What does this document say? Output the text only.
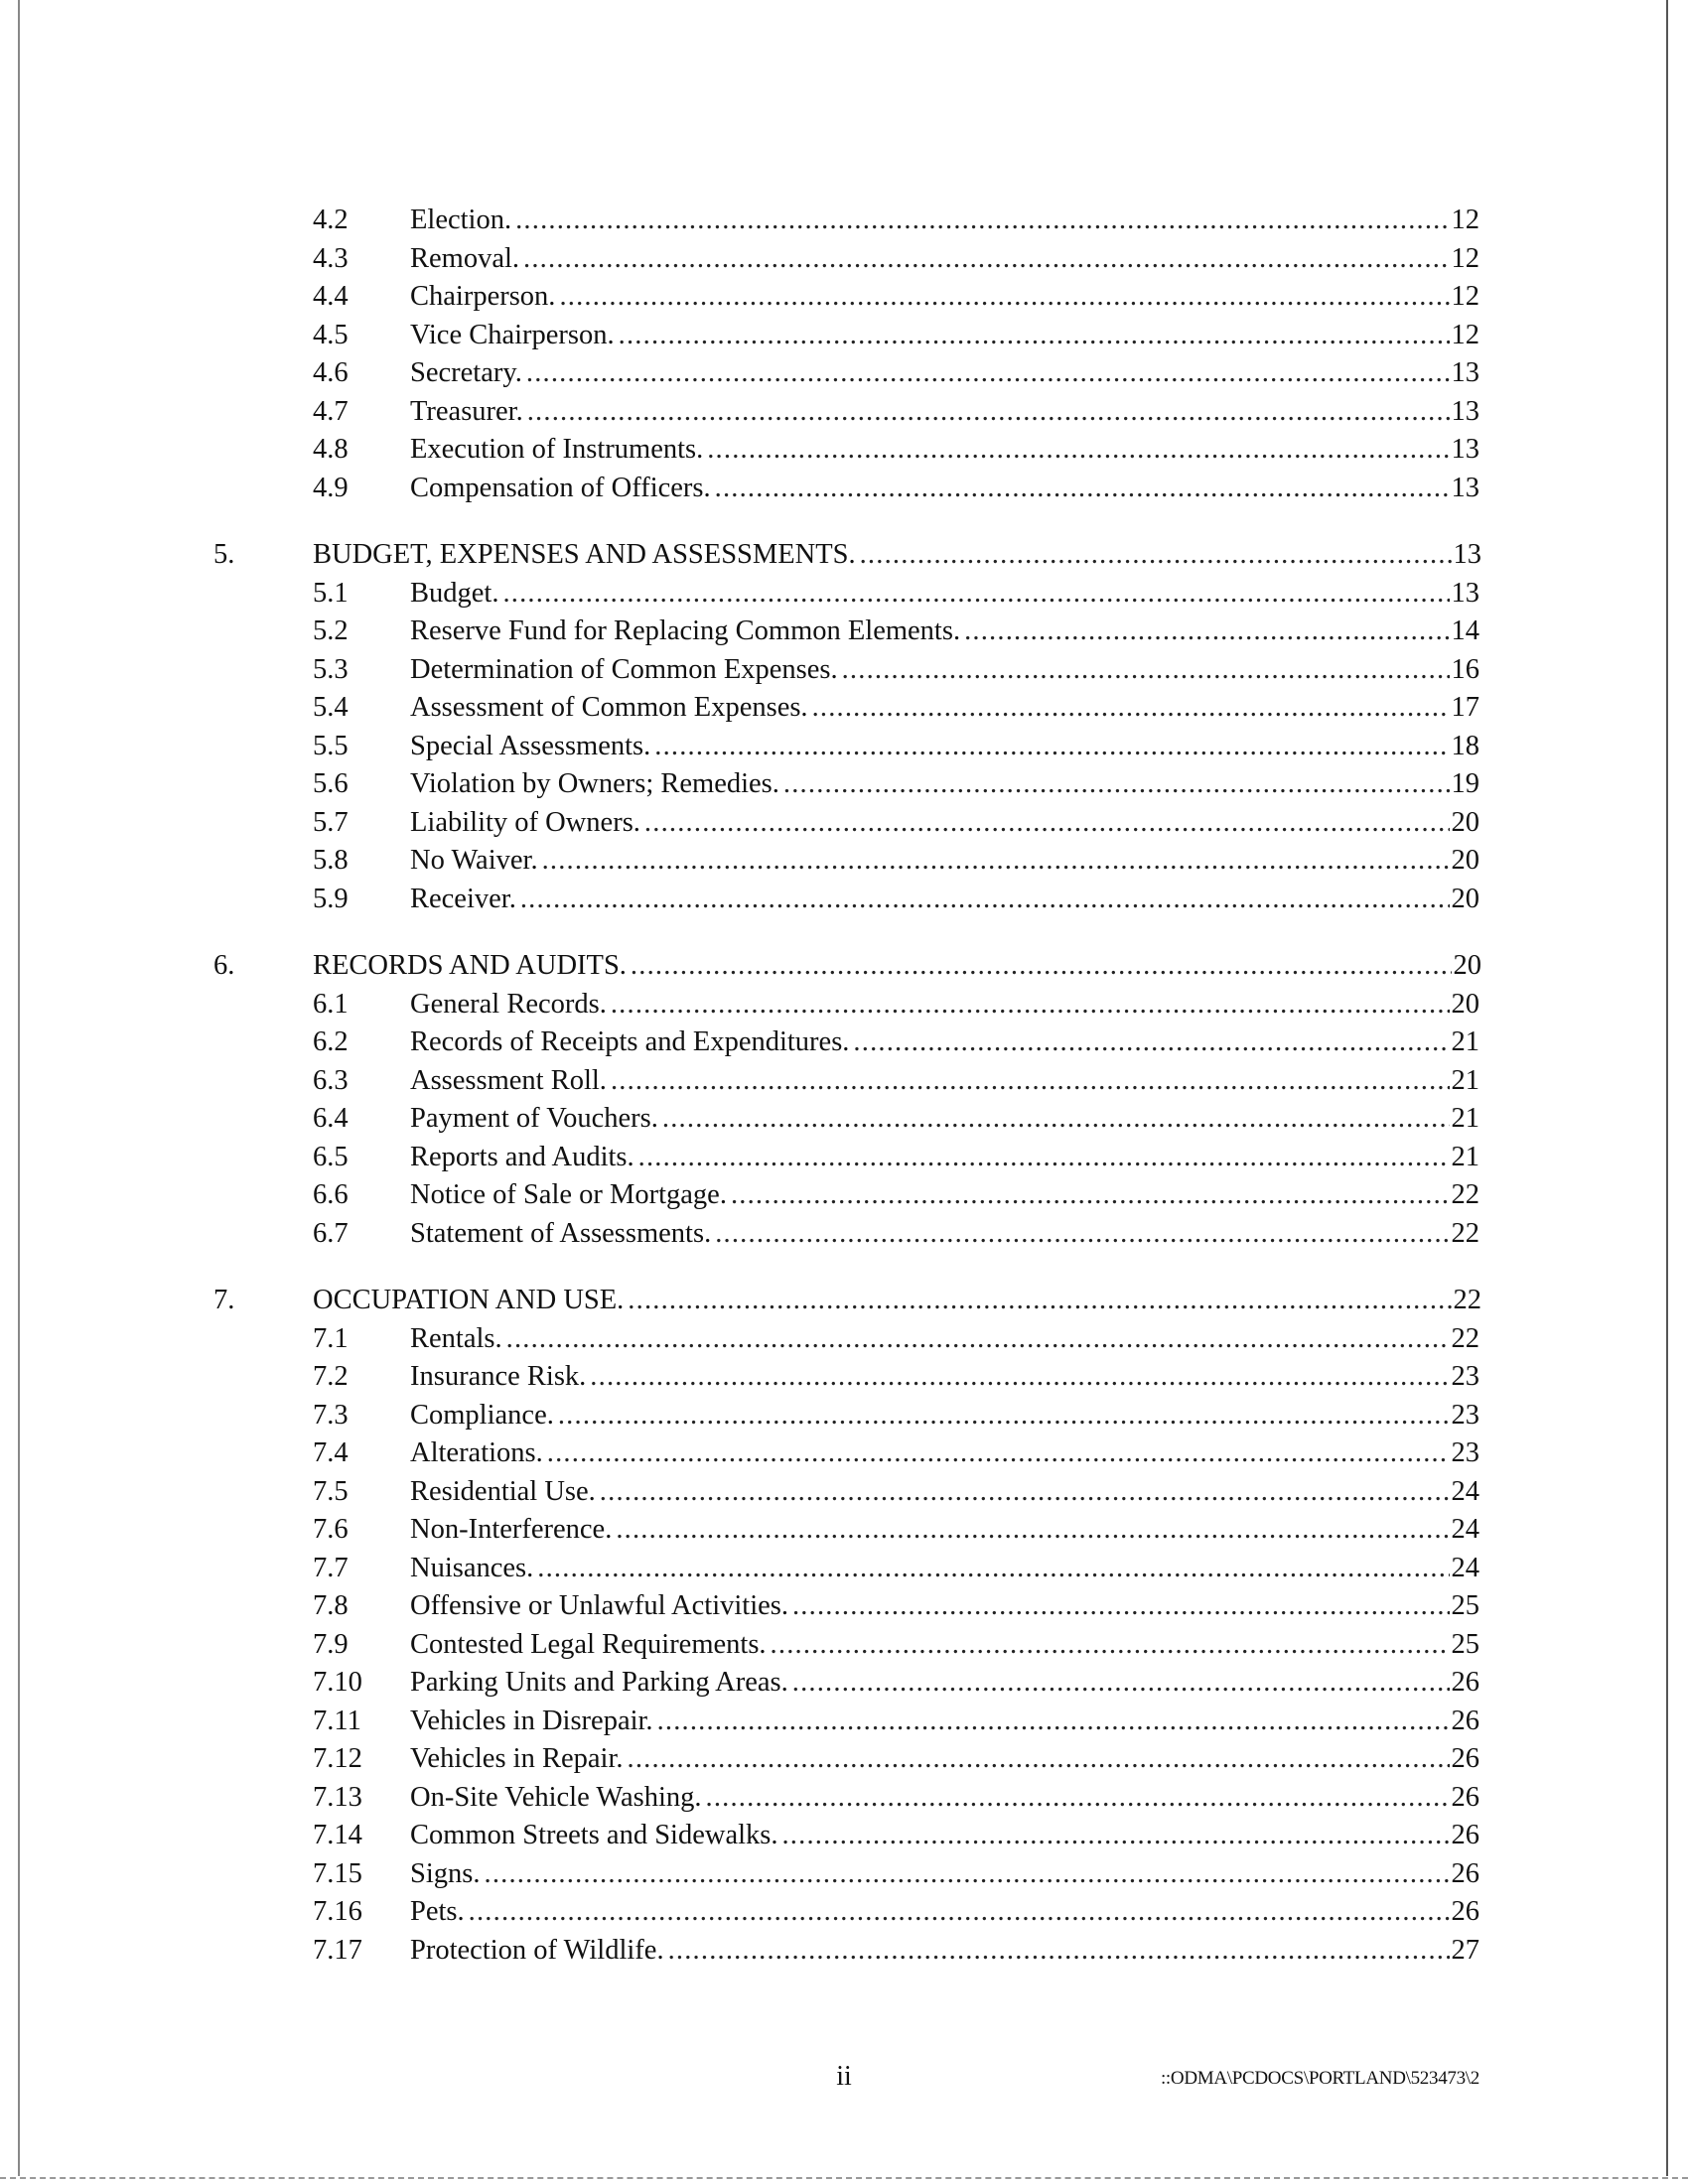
4.2 Election. .....	12
4.3 Removal. .....	12
4.4 Chairperson. .....	12
4.5 Vice Chairperson. .....	12
4.6 Secretary. .....	13
4.7 Treasurer. .....	13
4.8 Execution of Instruments. .....	13
4.9 Compensation of Officers. .....	13
5.	BUDGET, EXPENSES AND ASSESSMENTS. .....	13
5.1 Budget. .....	13
5.2 Reserve Fund for Replacing Common Elements. .....	14
5.3 Determination of Common Expenses. .....	16
5.4 Assessment of Common Expenses. .....	17
5.5 Special Assessments. .....	18
5.6 Violation by Owners; Remedies. .....	19
5.7 Liability of Owners. .....	20
5.8 No Waiver. .....	20
5.9 Receiver. .....	20
6.	RECORDS AND AUDITS. .....	20
6.1 General Records. .....	20
6.2 Records of Receipts and Expenditures. .....	21
6.3 Assessment Roll. .....	21
6.4 Payment of Vouchers. .....	21
6.5 Reports and Audits. .....	21
6.6 Notice of Sale or Mortgage. .....	22
6.7 Statement of Assessments. .....	22
7.	OCCUPATION AND USE. .....	22
7.1 Rentals. .....	22
7.2 Insurance Risk. .....	23
7.3 Compliance. .....	23
7.4 Alterations. .....	23
7.5 Residential Use. .....	24
7.6 Non-Interference. .....	24
7.7 Nuisances. .....	24
7.8 Offensive or Unlawful Activities. .....	25
7.9 Contested Legal Requirements. .....	25
7.10 Parking Units and Parking Areas. .....	26
7.11 Vehicles in Disrepair. .....	26
7.12 Vehicles in Repair. .....	26
7.13 On-Site Vehicle Washing. .....	26
7.14 Common Streets and Sidewalks. .....	26
7.15 Signs. .....	26
7.16 Pets. .....	26
7.17 Protection of Wildlife. .....	27
ii	::ODMA\PCDOCS\PORTLAND\523473\2
